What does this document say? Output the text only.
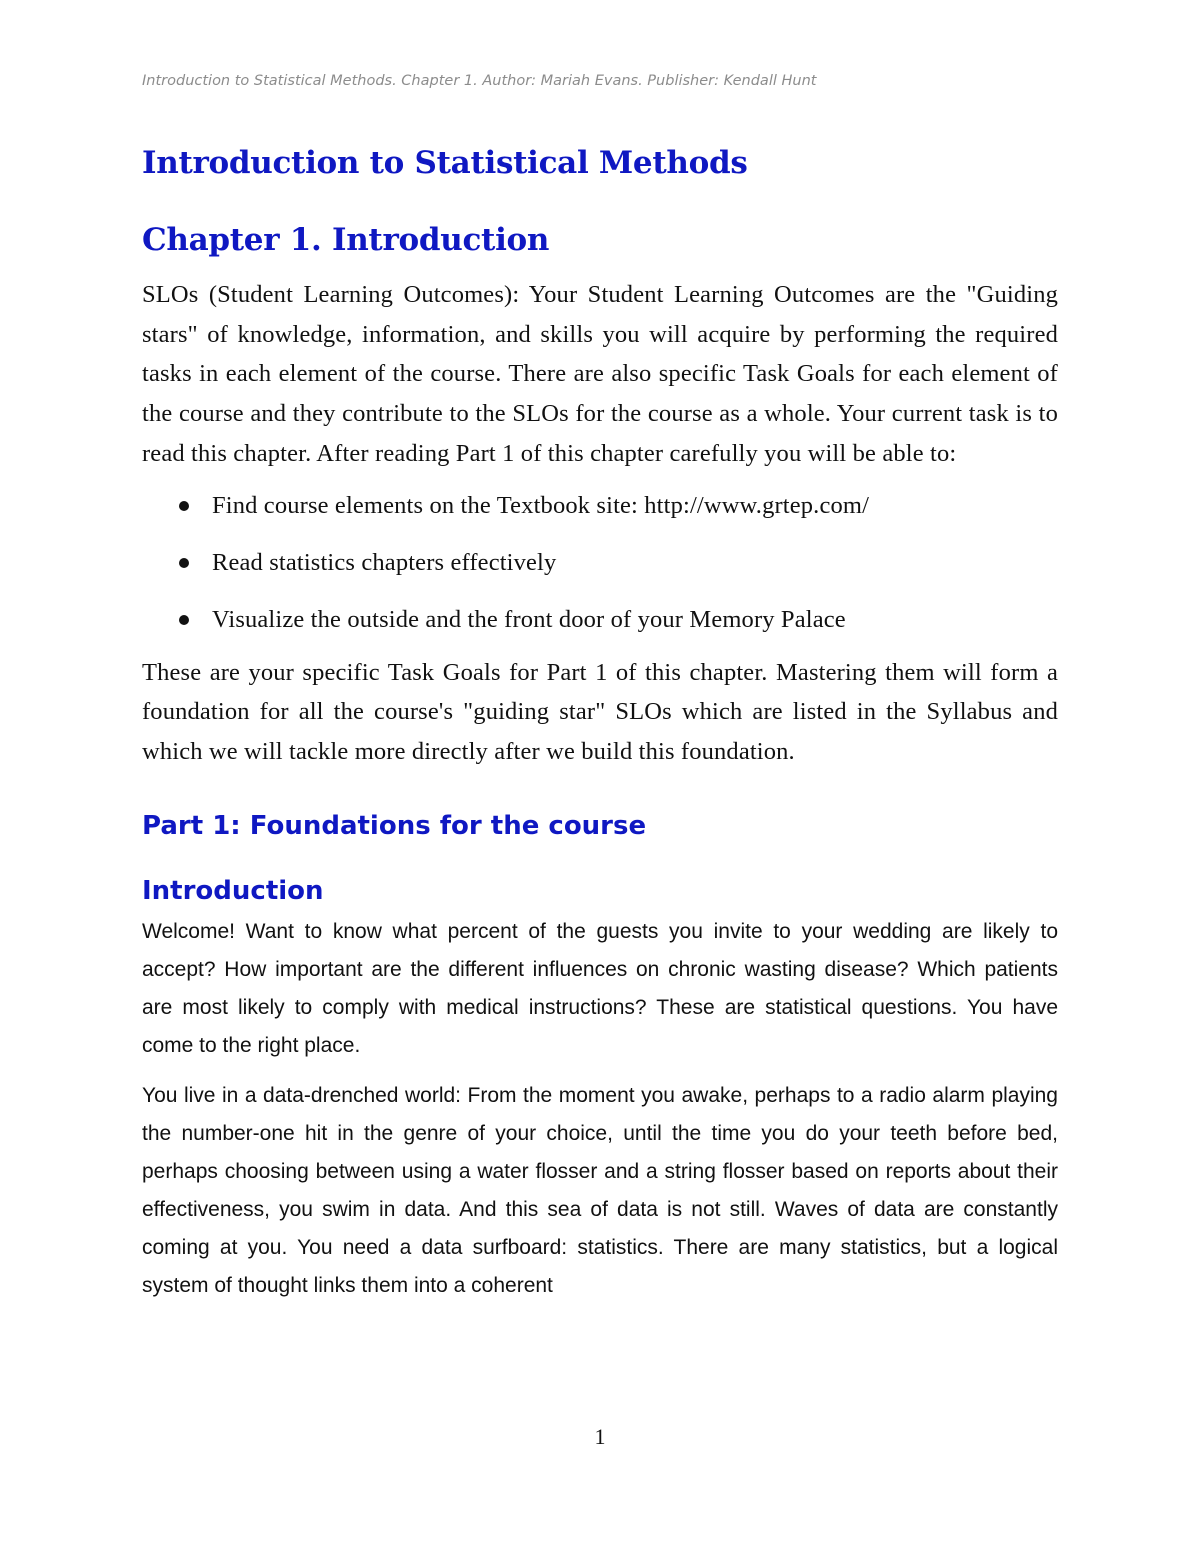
Introduction to Statistical Methods. Chapter 1. Author: Mariah Evans. Publisher: Kendall Hunt
Introduction to Statistical Methods
Chapter 1. Introduction

SLOs (Student Learning Outcomes): Your Student Learning Outcomes are the "Guiding stars" of knowledge, information, and skills you will acquire by performing the required tasks in each element of the course. There are also specific Task Goals for each element of the course and they contribute to the SLOs for the course as a whole. Your current task is to read this chapter. After reading Part 1 of this chapter carefully you will be able to:

Find course elements on the Textbook site: http://www.grtep.com/
Read statistics chapters effectively
Visualize the outside and the front door of your Memory Palace

These are your specific Task Goals for Part 1 of this chapter. Mastering them will form a foundation for all the course's "guiding star" SLOs which are listed in the Syllabus and which we will tackle more directly after we build this foundation.

Part 1: Foundations for the course
Introduction

Welcome! Want to know what percent of the guests you invite to your wedding are likely to accept? How important are the different influences on chronic wasting disease? Which patients are most likely to comply with medical instructions? These are statistical questions. You have come to the right place.

You live in a data-drenched world: From the moment you awake, perhaps to a radio alarm playing the number-one hit in the genre of your choice, until the time you do your teeth before bed, perhaps choosing between using a water flosser and a string flosser based on reports about their effectiveness, you swim in data. And this sea of data is not still. Waves of data are constantly coming at you. You need a data surfboard: statistics. There are many statistics, but a logical system of thought links them into a coherent

1
